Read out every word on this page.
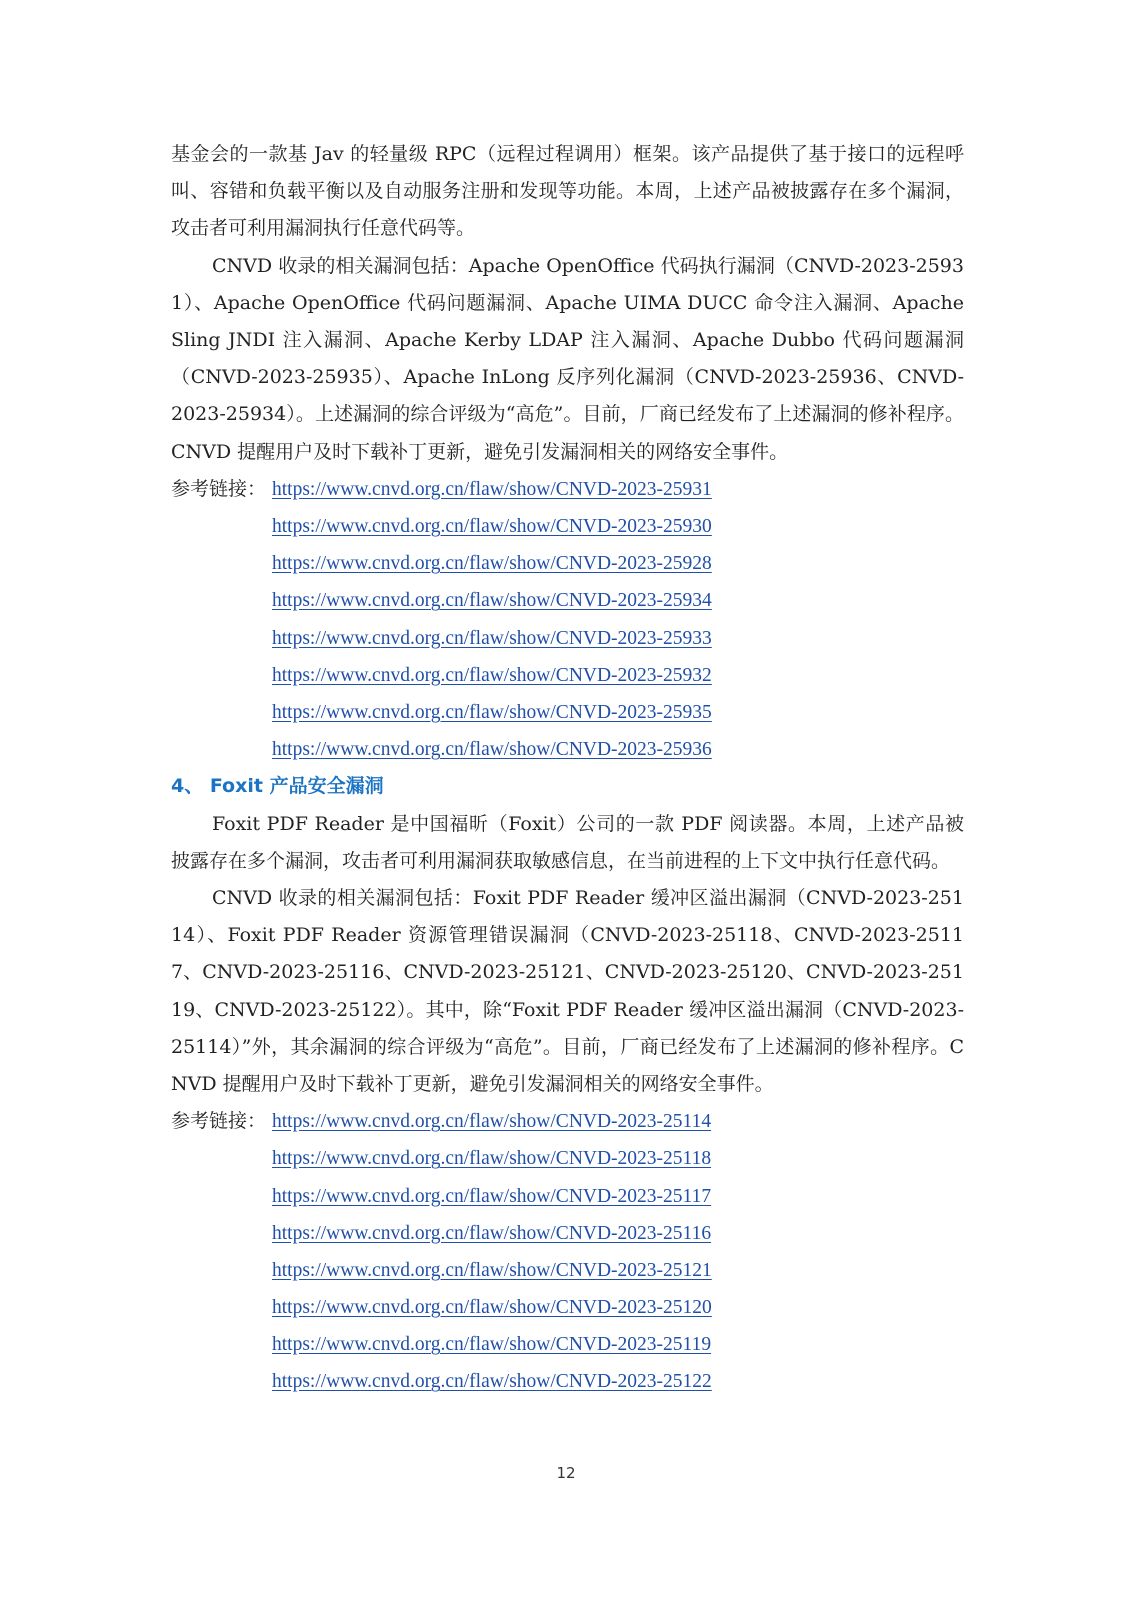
基金会的一款基 Jav 的轻量级 RPC（远程过程调用）框架。该产品提供了基于接口的远程呼叫、容错和负载平衡以及自动服务注册和发现等功能。本周，上述产品被披露存在多个漏洞，攻击者可利用漏洞执行任意代码等。

CNVD 收录的相关漏洞包括：Apache OpenOffice 代码执行漏洞（CNVD-2023-25931）、Apache OpenOffice 代码问题漏洞、Apache UIMA DUCC 命令注入漏洞、Apache Sling JNDI 注入漏洞、Apache Kerby LDAP 注入漏洞、Apache Dubbo 代码问题漏洞（CNVD-2023-25935）、Apache InLong 反序列化漏洞（CNVD-2023-25936、CNVD-2023-25934）。上述漏洞的综合评级为“高危”。目前，厂商已经发布了上述漏洞的修补程序。CNVD 提醒用户及时下载补丁更新，避免引发漏洞相关的网络安全事件。

参考链接： https://www.cnvd.org.cn/flaw/show/CNVD-2023-25931
https://www.cnvd.org.cn/flaw/show/CNVD-2023-25930
https://www.cnvd.org.cn/flaw/show/CNVD-2023-25928
https://www.cnvd.org.cn/flaw/show/CNVD-2023-25934
https://www.cnvd.org.cn/flaw/show/CNVD-2023-25933
https://www.cnvd.org.cn/flaw/show/CNVD-2023-25932
https://www.cnvd.org.cn/flaw/show/CNVD-2023-25935
https://www.cnvd.org.cn/flaw/show/CNVD-2023-25936
4、 Foxit 产品安全漏洞

Foxit PDF Reader 是中国福昕（Foxit）公司的一款 PDF 阅读器。本周，上述产品被披露存在多个漏洞，攻击者可利用漏洞获取敏感信息，在当前进程的上下文中执行任意代码。

CNVD 收录的相关漏洞包括：Foxit PDF Reader 缓冲区溢出漏洞（CNVD-2023-25114）、Foxit PDF Reader 资源管理错误漏洞（CNVD-2023-25118、CNVD-2023-25117、CNVD-2023-25116、CNVD-2023-25121、CNVD-2023-25120、CNVD-2023-25119、CNVD-2023-25122）。其中，除“Foxit PDF Reader 缓冲区溢出漏洞（CNVD-2023-25114）”外，其余漏洞的综合评级为“高危”。目前，厂商已经发布了上述漏洞的修补程序。CNVD 提醒用户及时下载补丁更新，避免引发漏洞相关的网络安全事件。

参考链接： https://www.cnvd.org.cn/flaw/show/CNVD-2023-25114
https://www.cnvd.org.cn/flaw/show/CNVD-2023-25118
https://www.cnvd.org.cn/flaw/show/CNVD-2023-25117
https://www.cnvd.org.cn/flaw/show/CNVD-2023-25116
https://www.cnvd.org.cn/flaw/show/CNVD-2023-25121
https://www.cnvd.org.cn/flaw/show/CNVD-2023-25120
https://www.cnvd.org.cn/flaw/show/CNVD-2023-25119
https://www.cnvd.org.cn/flaw/show/CNVD-2023-25122
12
